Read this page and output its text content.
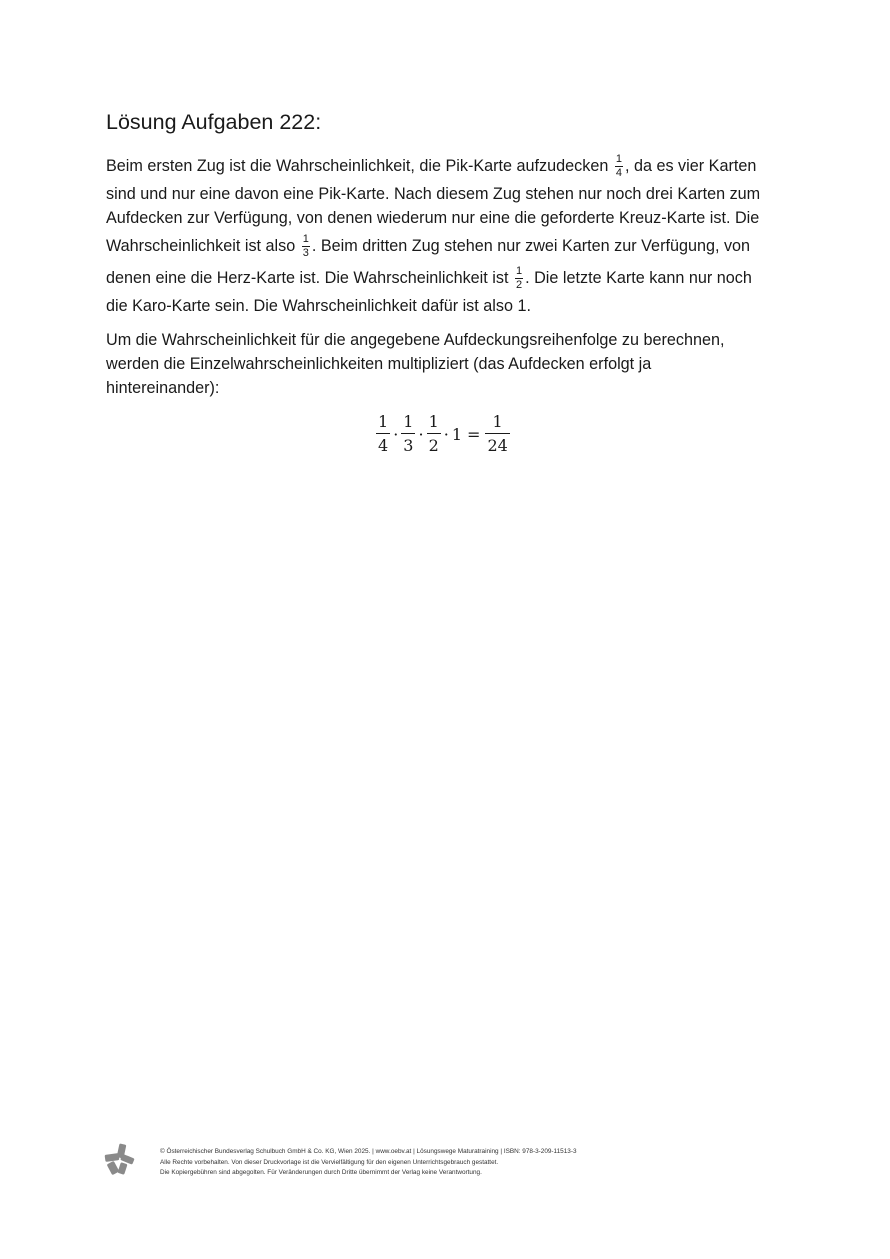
Lösung Aufgaben 222:
Beim ersten Zug ist die Wahrscheinlichkeit, die Pik-Karte aufzudecken $\frac{1}{4}$ , da es vier Karten
sind und nur eine davon eine Pik-Karte. Nach diesem Zug stehen nur noch drei Karten zum
Aufdecken zur Verfügung, von denen wiederum nur eine die geforderte Kreuz-Karte ist. Die
Wahrscheinlichkeit ist also $\frac{1}{3}$ . Beim dritten Zug stehen nur zwei Karten zur Verfügung, von
denen eine die Herz-Karte ist. Die Wahrscheinlichkeit ist $\frac{1}{2}$ . Die letzte Karte kann nur noch
die Karo-Karte sein. Die Wahrscheinlichkeit dafür ist also 1.
Um die Wahrscheinlichkeit für die angegebene Aufdeckungsreihenfolge zu berechnen,
werden die Einzelwahrscheinlichkeiten multipliziert (das Aufdecken erfolgt ja
hintereinander):
1
4
·
1
3
·
1
2
· $1 = \frac{1}{24}$

© Österreichischer Bundesverlag Schulbuch GmbH & Co. KG, Wien 2025. | www.oebv.at | Lösungswege Maturatraining | ISBN: 978-3-209-11513-3
Alle Rechte vorbehalten. Von dieser Druckvorlage ist die Vervielfältigung für den eigenen Unterrichtsgebrauch gestattet.
Die Kopiergebühren sind abgegolten. Für Veränderungen durch Dritte übernimmt der Verlag keine Verantwortung.
